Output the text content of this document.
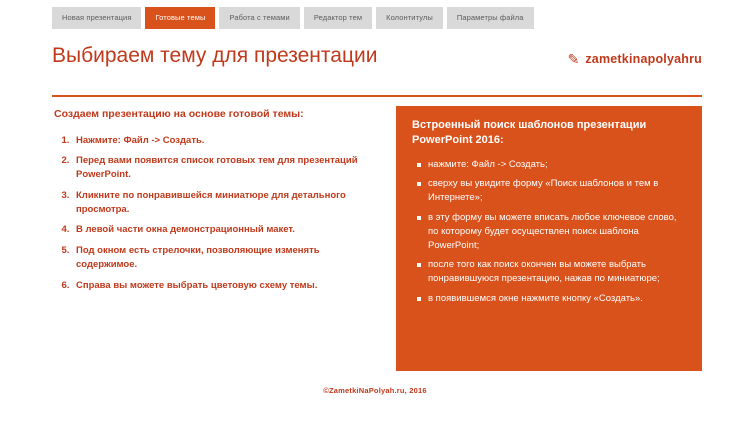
Новая презентация	Готовые темы	Работа с темами	Редактор тем	Колонтитулы	Параметры файла
Выбираем тему для презентации	✎ zametkinapolyahru
Создаем презентацию на основе готовой темы:
1. Нажмите: Файл -> Создать.
2. Перед вами появится список готовых тем для презентаций PowerPoint.
3. Кликните по понравившейся миниатюре для детального просмотра.
4. В левой части окна демонстрационный макет.
5. Под окном есть стрелочки, позволяющие изменять содержимое.
6. Справа вы можете выбрать цветовую схему темы.
Встроенный поиск шаблонов презентации PowerPoint 2016:
нажмите: Файл -> Создать;
сверху вы увидите форму «Поиск шаблонов и тем в Интернете»;
в эту форму вы можете вписать любое ключевое слово, по которому будет осуществлен поиск шаблона PowerPoint;
после того как поиск окончен вы можете выбрать понравившуюся презентацию, нажав по миниатюре;
в появившемся окне нажмите кнопку «Создать».
©ZametkiNaPolyah.ru, 2016
